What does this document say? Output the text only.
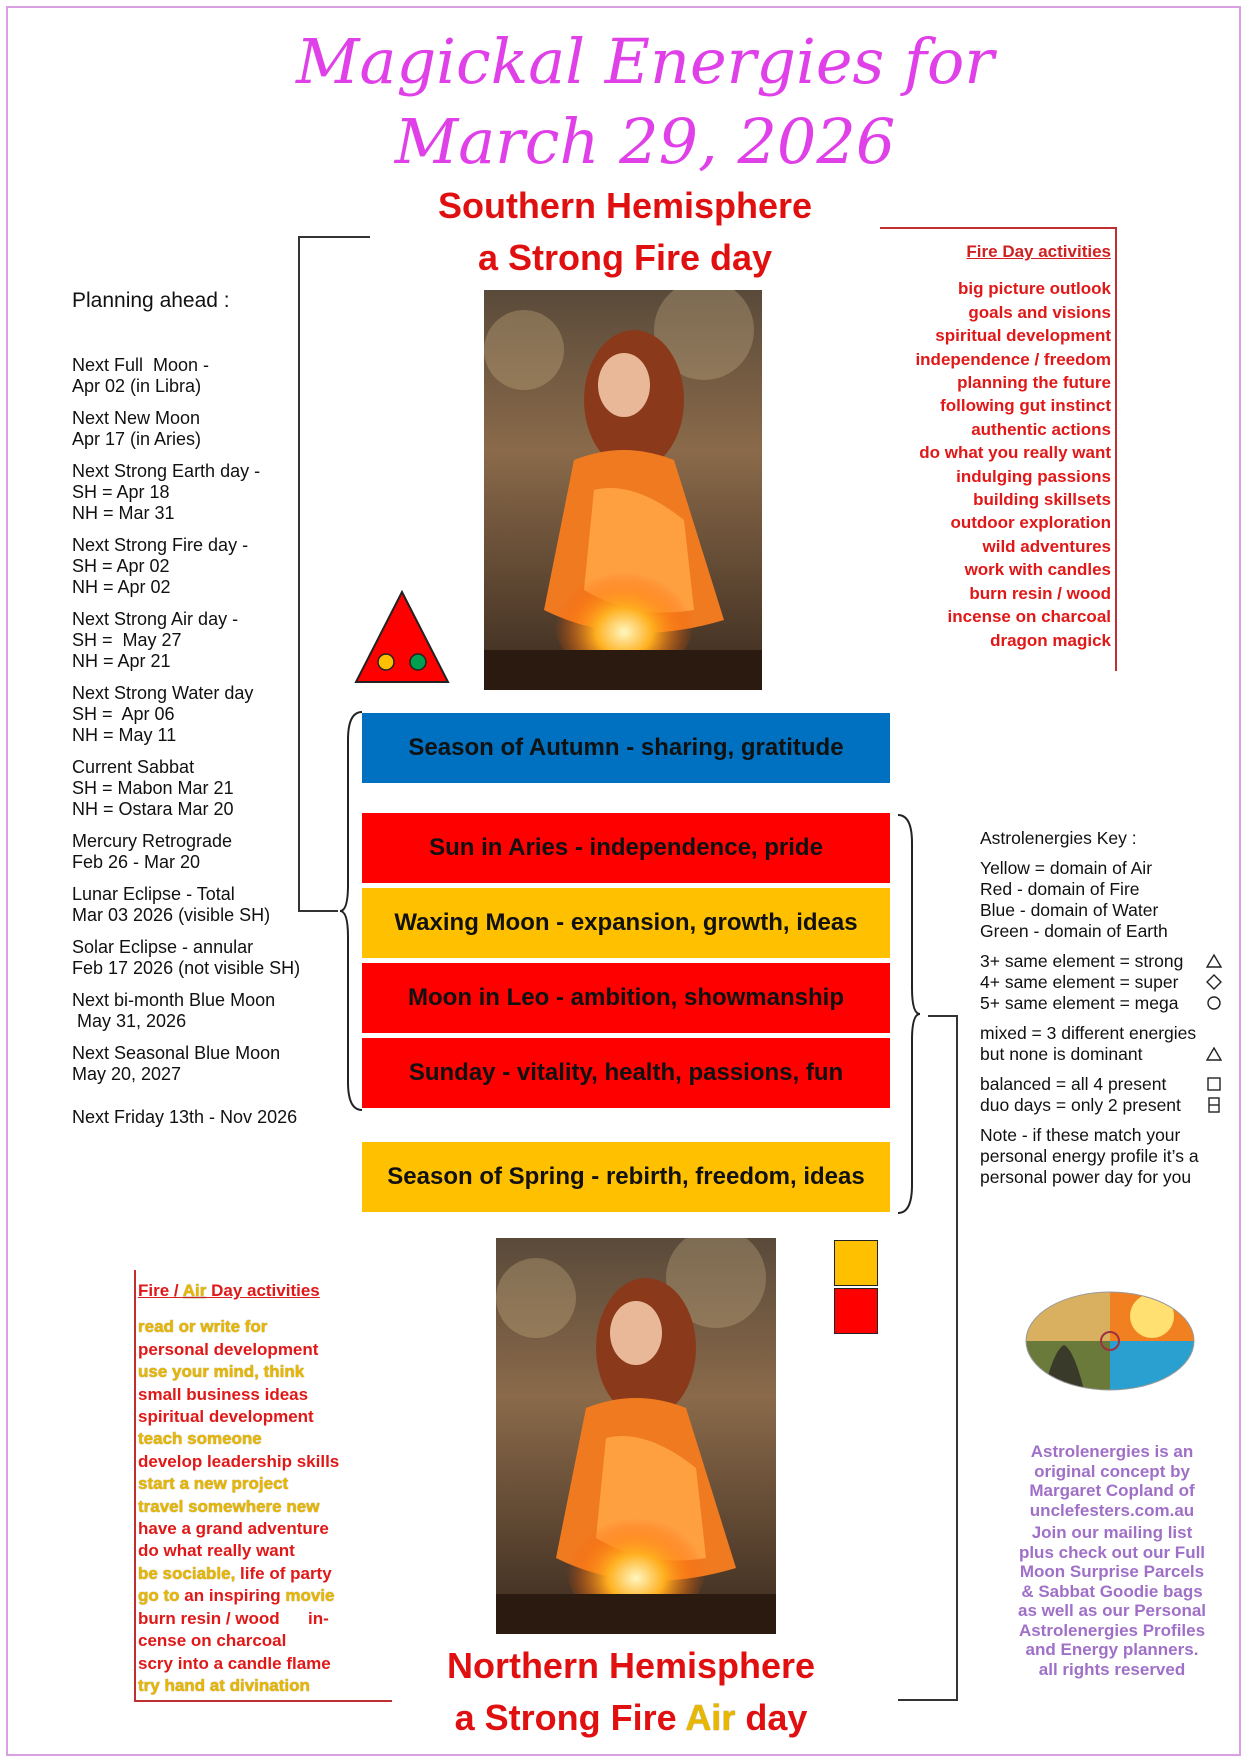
Magickal Energies for
March 29, 2026
Southern Hemisphere
a Strong Fire day
Planning ahead :
Next Full  Moon -
Apr 02 (in Libra)
Next New Moon
Apr 17 (in Aries)
Next Strong Earth day -
SH = Apr 18
NH = Mar 31
Next Strong Fire day -
SH = Apr 02
NH = Apr 02
Next Strong Air day -
SH =  May 27
NH = Apr 21
Next Strong Water day
SH =  Apr 06
NH = May 11
Current Sabbat
SH = Mabon Mar 21
NH = Ostara Mar 20
Mercury Retrograde
Feb 26 - Mar 20
Lunar Eclipse - Total
Mar 03 2026 (visible SH)
Solar Eclipse - annular
Feb 17 2026 (not visible SH)
Next bi-month Blue Moon
May 31, 2026
Next Seasonal Blue Moon
May 20, 2027
Next Friday 13th - Nov 2026
Fire Day activities
big picture outlook
goals and visions
spiritual development
independence / freedom
planning the future
following gut instinct
authentic actions
do what you really want
indulging passions
building skillsets
outdoor exploration
wild adventures
work with candles
burn resin / wood
incense on charcoal
dragon magick
Season of Autumn - sharing, gratitude
Sun in Aries - independence, pride
Waxing Moon - expansion, growth, ideas
Moon in Leo - ambition, showmanship
Sunday - vitality, health, passions, fun
Season of Spring - rebirth, freedom, ideas
Astrolenergies Key :
Yellow = domain of Air
Red - domain of Fire
Blue - domain of Water
Green - domain of Earth
3+ same element = strong
4+ same element = super
5+ same element = mega
mixed = 3 different energies
but none is dominant
balanced = all 4 present
duo days = only 2 present
Note - if these match your
personal energy profile it’s a
personal power day for you
Fire / Air Day activities
read or write for
personal development
use your mind, think
small business ideas
spiritual development
teach someone
develop leadership skills
start a new project
travel somewhere new
have a grand adventure
do what really want
be sociable, life of party
go to an inspiring movie
burn resin / wood      in-
cense on charcoal
scry into a candle flame
try hand at divination	Northern Hemisphere
a Strong Fire Air day
Astrolenergies is an
original concept by
Margaret Copland of
unclefesters.com.au
Join our mailing list
plus check out our Full
Moon Surprise Parcels
& Sabbat Goodie bags
as well as our Personal
Astrolenergies Profiles
and Energy planners.
all rights reserved
